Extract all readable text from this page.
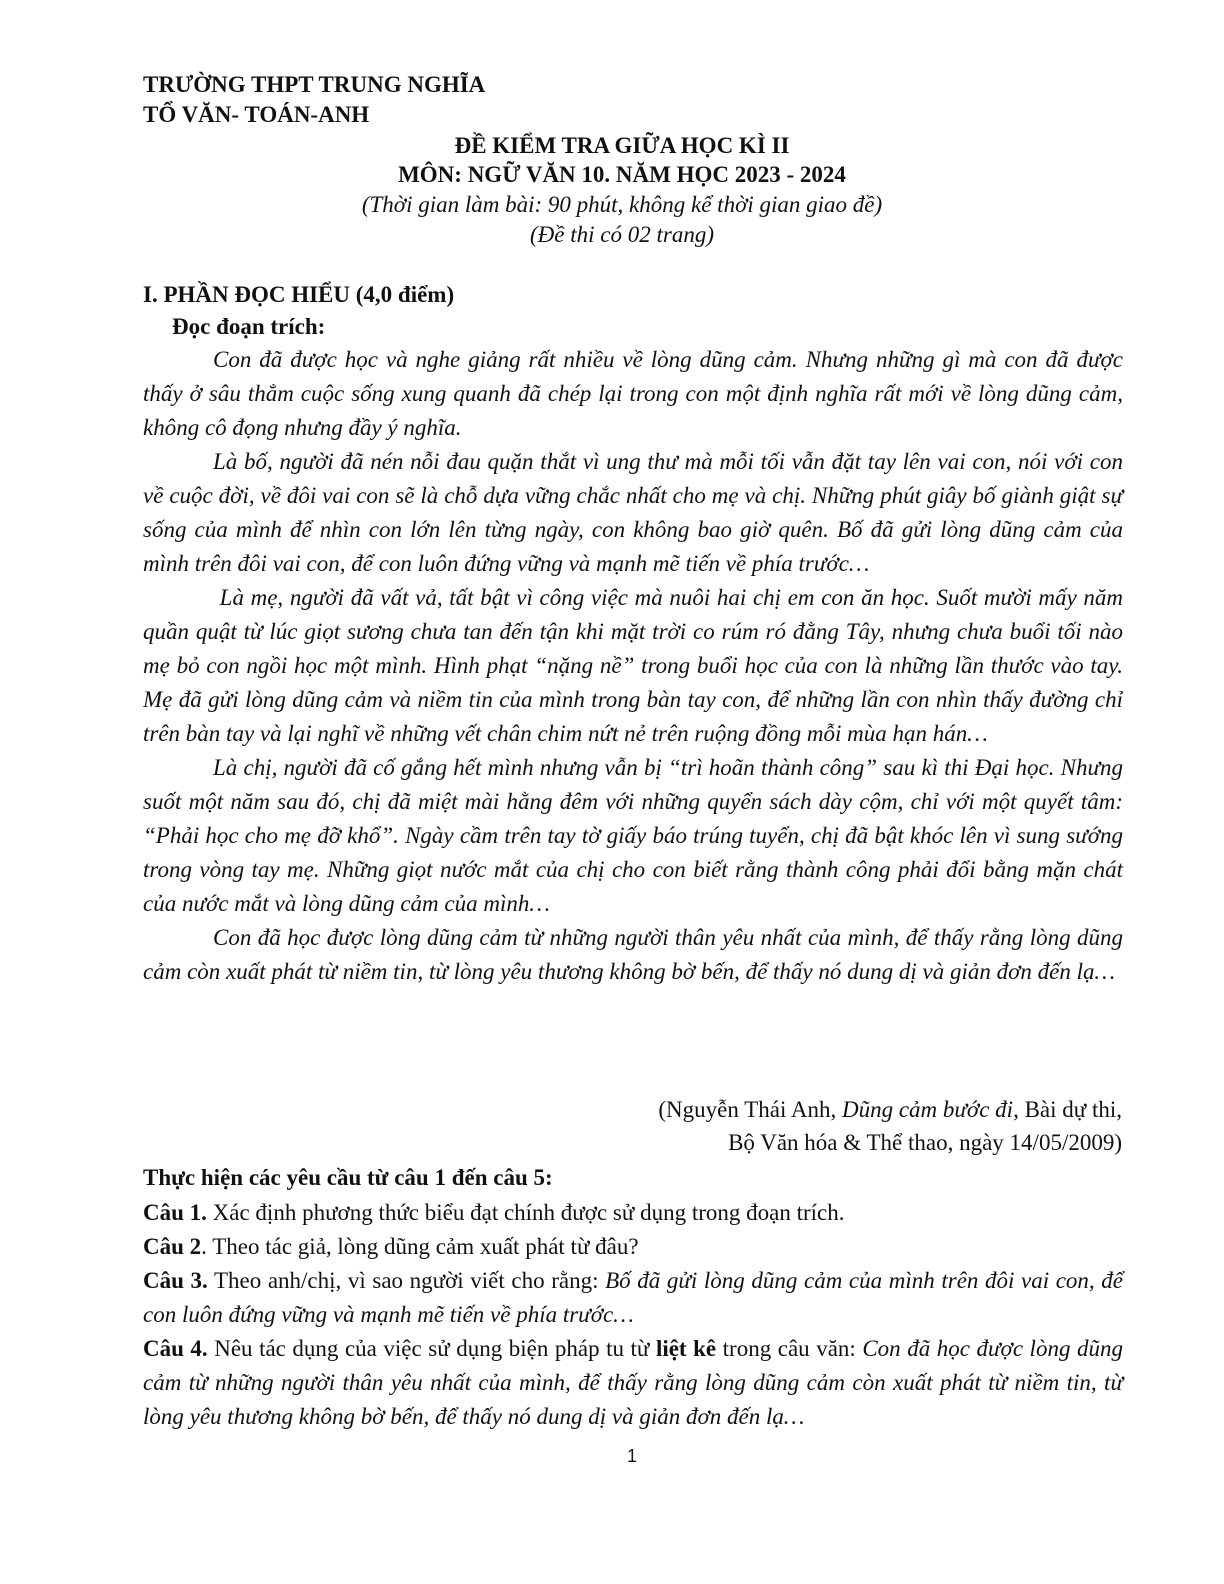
TRƯỜNG THPT TRUNG NGHĨA
TỔ VĂN- TOÁN-ANH
ĐỀ KIỂM TRA GIỮA HỌC KÌ II
MÔN: NGỮ VĂN 10. NĂM HỌC 2023 - 2024
(Thời gian làm bài: 90 phút, không kể thời gian giao đề)
(Đề thi có 02 trang)
I. PHẦN ĐỌC HIỂU (4,0 điểm)
Đọc đoạn trích:

Con đã được học và nghe giảng rất nhiều về lòng dũng cảm. Nhưng những gì mà con đã được thấy ở sâu thẳm cuộc sống xung quanh đã chép lại trong con một định nghĩa rất mới về lòng dũng cảm, không cô đọng nhưng đầy ý nghĩa.

Là bố, người đã nén nỗi đau quặn thắt vì ung thư mà mỗi tối vẫn đặt tay lên vai con, nói với con về cuộc đời, về đôi vai con sẽ là chỗ dựa vững chắc nhất cho mẹ và chị. Những phút giây bố giành giật sự sống của mình để nhìn con lớn lên từng ngày, con không bao giờ quên. Bố đã gửi lòng dũng cảm của mình trên đôi vai con, để con luôn đứng vững và mạnh mẽ tiến về phía trước…

Là mẹ, người đã vất vả, tất bật vì công việc mà nuôi hai chị em con ăn học. Suốt mười mấy năm quần quật từ lúc giọt sương chưa tan đến tận khi mặt trời co rúm ró đằng Tây, nhưng chưa buổi tối nào mẹ bỏ con ngồi học một mình. Hình phạt “nặng nề” trong buổi học của con là những lần thước vào tay. Mẹ đã gửi lòng dũng cảm và niềm tin của mình trong bàn tay con, để những lần con nhìn thấy đường chỉ trên bàn tay và lại nghĩ về những vết chân chim nứt nẻ trên ruộng đồng mỗi mùa hạn hán…

Là chị, người đã cố gắng hết mình nhưng vẫn bị “trì hoãn thành công” sau kì thi Đại học. Nhưng suốt một năm sau đó, chị đã miệt mài hằng đêm với những quyển sách dày cộm, chỉ với một quyết tâm: “Phải học cho mẹ đỡ khổ”. Ngày cầm trên tay tờ giấy báo trúng tuyển, chị đã bật khóc lên vì sung sướng trong vòng tay mẹ. Những giọt nước mắt của chị cho con biết rằng thành công phải đổi bằng mặn chát của nước mắt và lòng dũng cảm của mình…

Con đã học được lòng dũng cảm từ những người thân yêu nhất của mình, để thấy rằng lòng dũng cảm còn xuất phát từ niềm tin, từ lòng yêu thương không bờ bến, để thấy nó dung dị và giản đơn đến lạ…

(Nguyễn Thái Anh, Dũng cảm bước đi, Bài dự thi,
Bộ Văn hóa & Thể thao, ngày 14/05/2009)
Thực hiện các yêu cầu từ câu 1 đến câu 5:

Câu 1. Xác định phương thức biểu đạt chính được sử dụng trong đoạn trích.

Câu 2. Theo tác giả, lòng dũng cảm xuất phát từ đâu?

Câu 3. Theo anh/chị, vì sao người viết cho rằng: Bố đã gửi lòng dũng cảm của mình trên đôi vai con, để con luôn đứng vững và mạnh mẽ tiến về phía trước…

Câu 4. Nêu tác dụng của việc sử dụng biện pháp tu từ liệt kê trong câu văn: Con đã học được lòng dũng cảm từ những người thân yêu nhất của mình, để thấy rằng lòng dũng cảm còn xuất phát từ niềm tin, từ lòng yêu thương không bờ bến, để thấy nó dung dị và giản đơn đến lạ…

1
